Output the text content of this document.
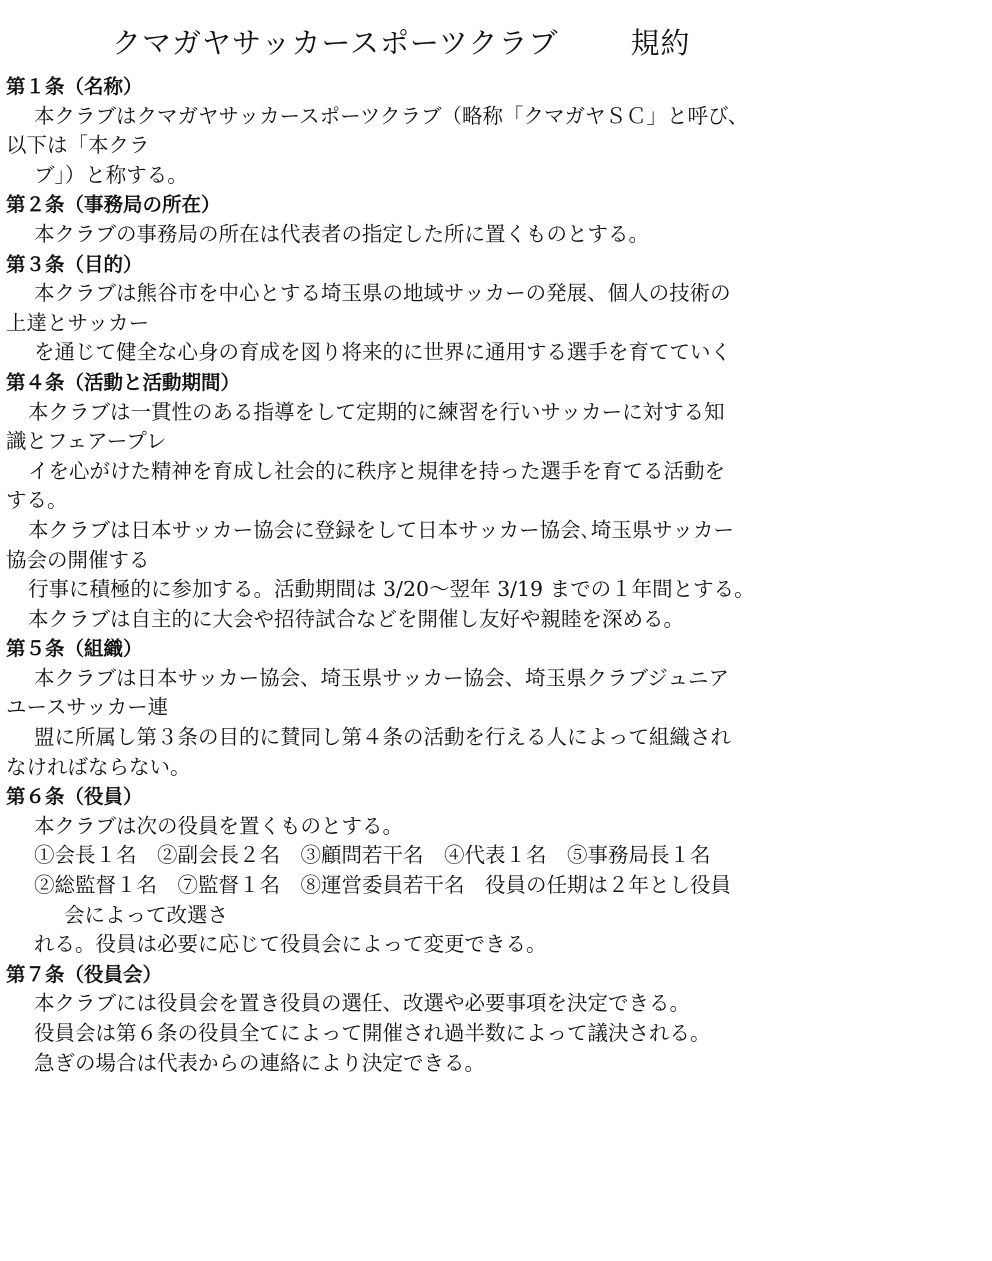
クマガヤサッカースポーツクラブ 規約

第１条（名称）

本クラブはクマガヤサッカースポーツクラブ（略称「クマガヤＳＣ」と呼び、

以下は「本クラ

ブ」）と称する。

第２条（事務局の所在）

本クラブの事務局の所在は代表者の指定した所に置くものとする。

第３条（目的）

本クラブは熊谷市を中心とする埼玉県の地域サッカーの発展、個人の技術の

上達とサッカー

を通じて健全な心身の育成を図り将来的に世界に通用する選手を育てていく

第４条（活動と活動期間）

本クラブは一貫性のある指導をして定期的に練習を行いサッカーに対する知

識とフェアープレ

イを心がけた精神を育成し社会的に秩序と規律を持った選手を育てる活動を

する。

本クラブは日本サッカー協会に登録をして日本サッカー協会､埼玉県サッカー

協会の開催する

行事に積極的に参加する。活動期間は 3/20～翌年 3/19 までの１年間とする。

本クラブは自主的に大会や招待試合などを開催し友好や親睦を深める。

第５条（組織）

本クラブは日本サッカー協会、埼玉県サッカー協会、埼玉県クラブジュニア

ユースサッカー連

盟に所属し第３条の目的に賛同し第４条の活動を行える人によって組織され

なければならない。

第６条（役員）

本クラブは次の役員を置くものとする。

①会長１名　②副会長２名　③顧問若干名　④代表１名　⑤事務局長１名

②総監督１名　⑦監督１名　⑧運営委員若干名　役員の任期は２年とし役員

会によって改選さ

れる。役員は必要に応じて役員会によって変更できる。

第７条（役員会）

本クラブには役員会を置き役員の選任、改選や必要事項を決定できる。

役員会は第６条の役員全てによって開催され過半数によって議決される。

急ぎの場合は代表からの連絡により決定できる。
